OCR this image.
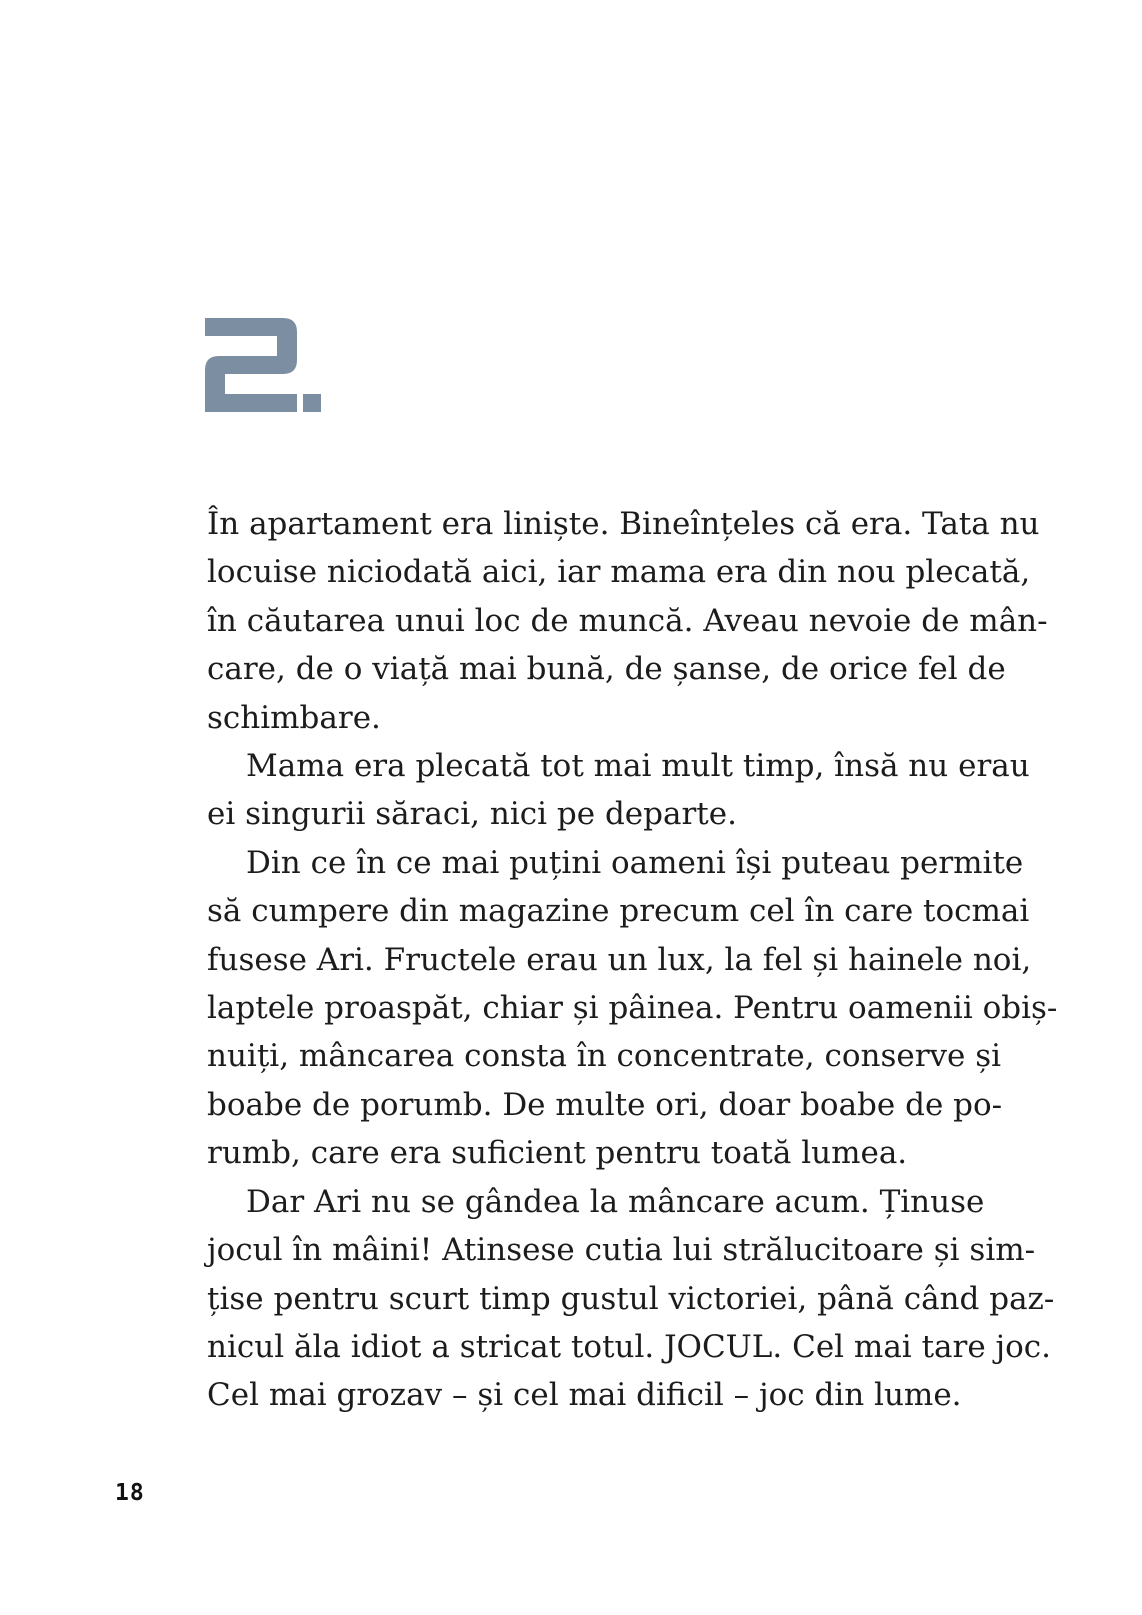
În apartament era liniște. Bineînțeles că era. Tata nu
locuise niciodată aici, iar mama era din nou plecată,
în căutarea unui loc de muncă. Aveau nevoie de mân-
care, de o viață mai bună, de șanse, de orice fel de
schimbare.
Mama era plecată tot mai mult timp, însă nu erau
ei singurii săraci, nici pe departe.
Din ce în ce mai puțini oameni își puteau permite
să cumpere din magazine precum cel în care tocmai
fusese Ari. Fructele erau un lux, la fel și hainele noi,
laptele proaspăt, chiar și pâinea. Pentru oamenii obiș-
nuiți, mâncarea consta în concentrate, conserve și
boabe de porumb. De multe ori, doar boabe de po-
rumb, care era suficient pentru toată lumea.
Dar Ari nu se gândea la mâncare acum. Ținuse
jocul în mâini! Atinsese cutia lui strălucitoare și sim-
țise pentru scurt timp gustul victoriei, până când paz-
nicul ăla idiot a stricat totul. JOCUL. Cel mai tare joc.
Cel mai grozav – și cel mai dificil – joc din lume.
18
